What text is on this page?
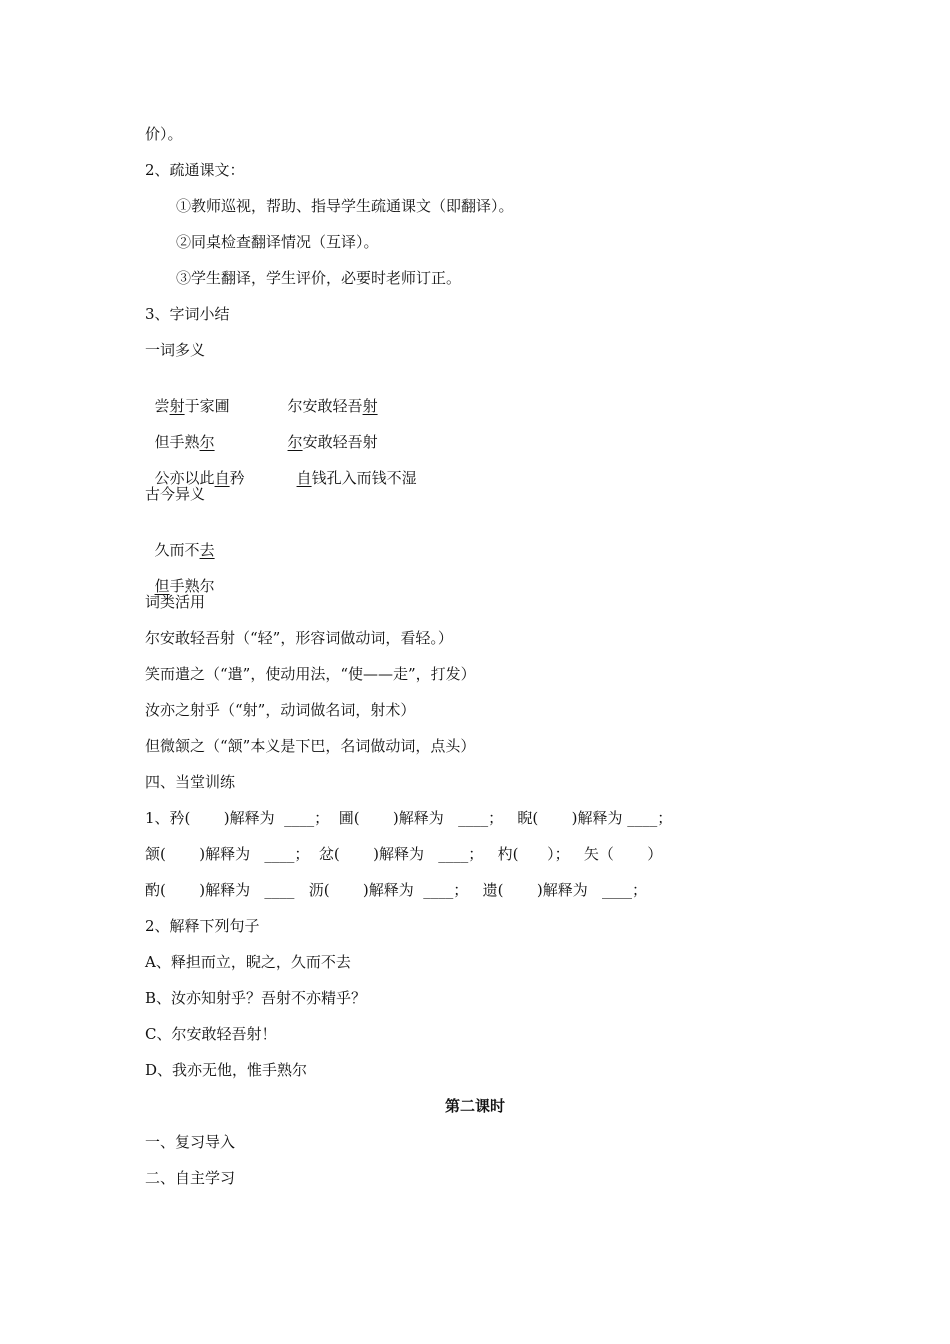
价）。
2、疏通课文：
①教师巡视，帮助、指导学生疏通课文（即翻译）。
②同桌检查翻译情况（互译）。
③学生翻译，学生评价，必要时老师订正。
3、字词小结
一词多义

尝射于家圃	尔安敢轻吾射

但手熟尔	尔安敢轻吾射

公亦以此自矜	自钱孔入而钱不湿

古今异义

久而不去

但手熟尔

词类活用
尔安敢轻吾射（“轻”，形容词做动词，看轻。）
笑而遣之（“遣”，使动用法，“使——走”，打发）
汝亦之射乎（“射”，动词做名词，射术）
但微颔之（“颔”本义是下巴，名词做动词，点头）
四、当堂训练
1、矜(       )解释为  ____；  圃(       )解释为   ____；   睨(       )解释为 ____；
颔(       )解释为   ____；  忿(       )解释为   ____；   杓(      ）；   矢（       ）
酌(       )解释为   ____   沥(       )解释为  ____；   遗(       )解释为   ____；
2、解释下列句子
A、释担而立，睨之，久而不去
B、汝亦知射乎？吾射不亦精乎？
C、尔安敢轻吾射！
D、我亦无他，惟手熟尔
第二课时
一、复习导入
二、自主学习
